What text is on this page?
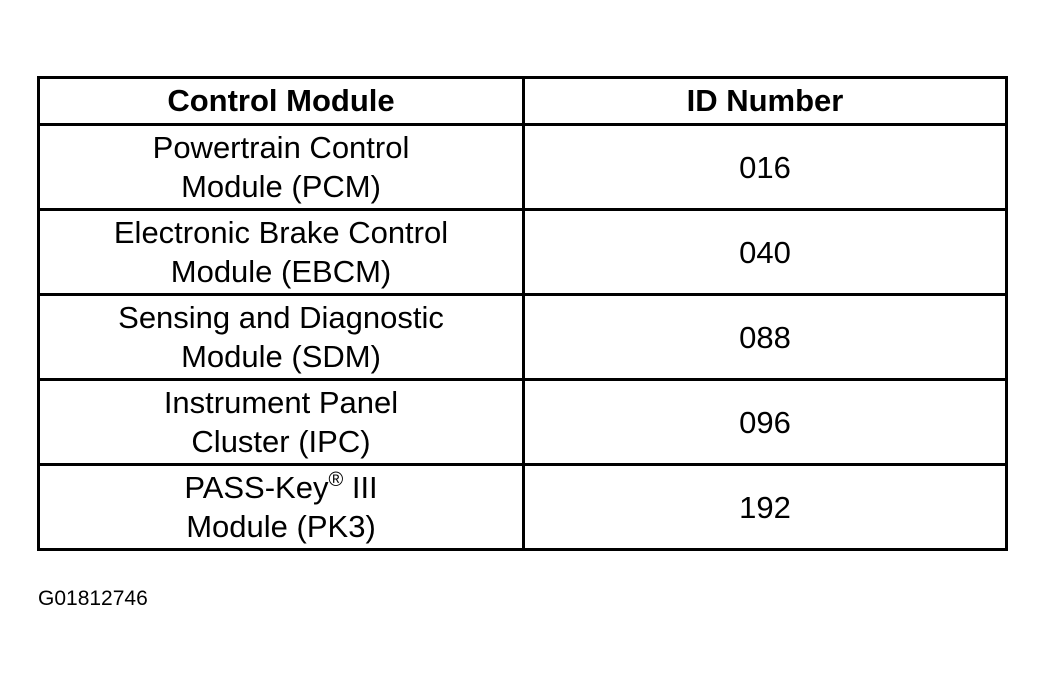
Control Module	ID Number

Powertrain Control
Module (PCM)	016

Electronic Brake Control
Module (EBCM)	040

Sensing and Diagnostic
Module (SDM)	088

Instrument Panel
Cluster (IPC)	096

PASS-Key® III
Module (PK3)	192
G01812746
